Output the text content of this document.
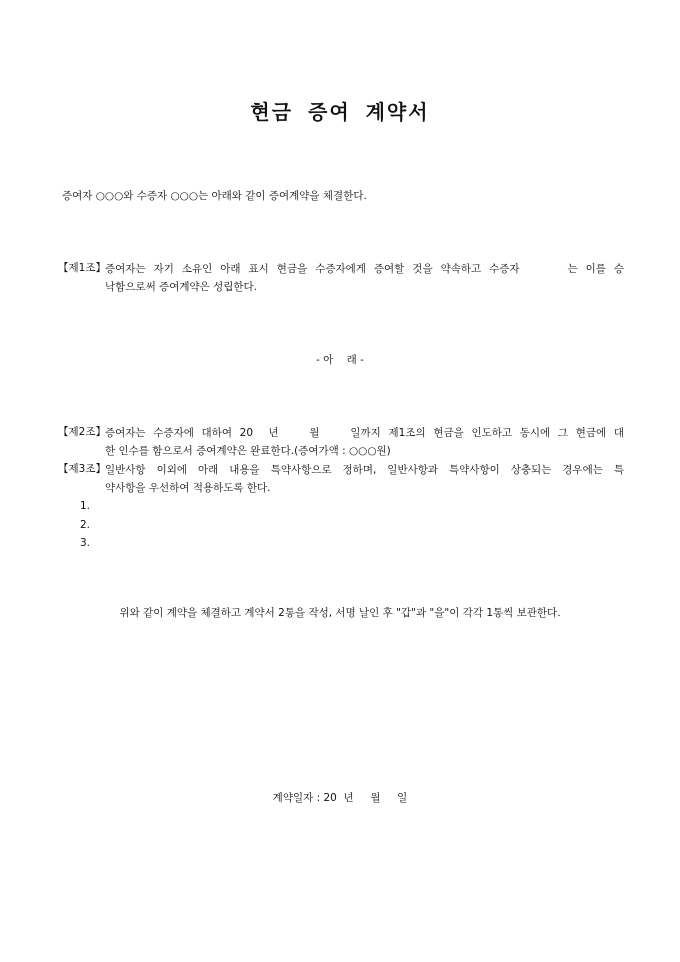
현금 증여 계약서
증여자 ○○○와 수증자 ○○○는 아래와 같이 증여계약을 체결한다.
【제1조】 증여자는 자기 소유인 아래 표시 현금을 수증자에게 증여할 것을 약속하고 수증자      는 이를 승
낙함으로써 증여계약은 성립한다.
- 아    래 -
【제2조】 증여자는 수증자에 대하여 20  년    월    일까지 제1조의 현금을 인도하고 동시에 그 현금에 대
한 인수를 함으로서 증여계약은 완료한다.(증여가액 : ○○○원)
【제3조】 일반사항 이외에 아래 내용을 특약사항으로 정하며, 일반사항과 특약사항이 상충되는 경우에는 특
약사항을 우선하여 적용하도록 한다.
1.
2.
3.
위와 같이 계약을 체결하고 계약서 2통을 작성, 서명 날인 후 "갑"과 "을"이 각각 1통씩 보관한다.
계약일자 : 20  년     월     일
